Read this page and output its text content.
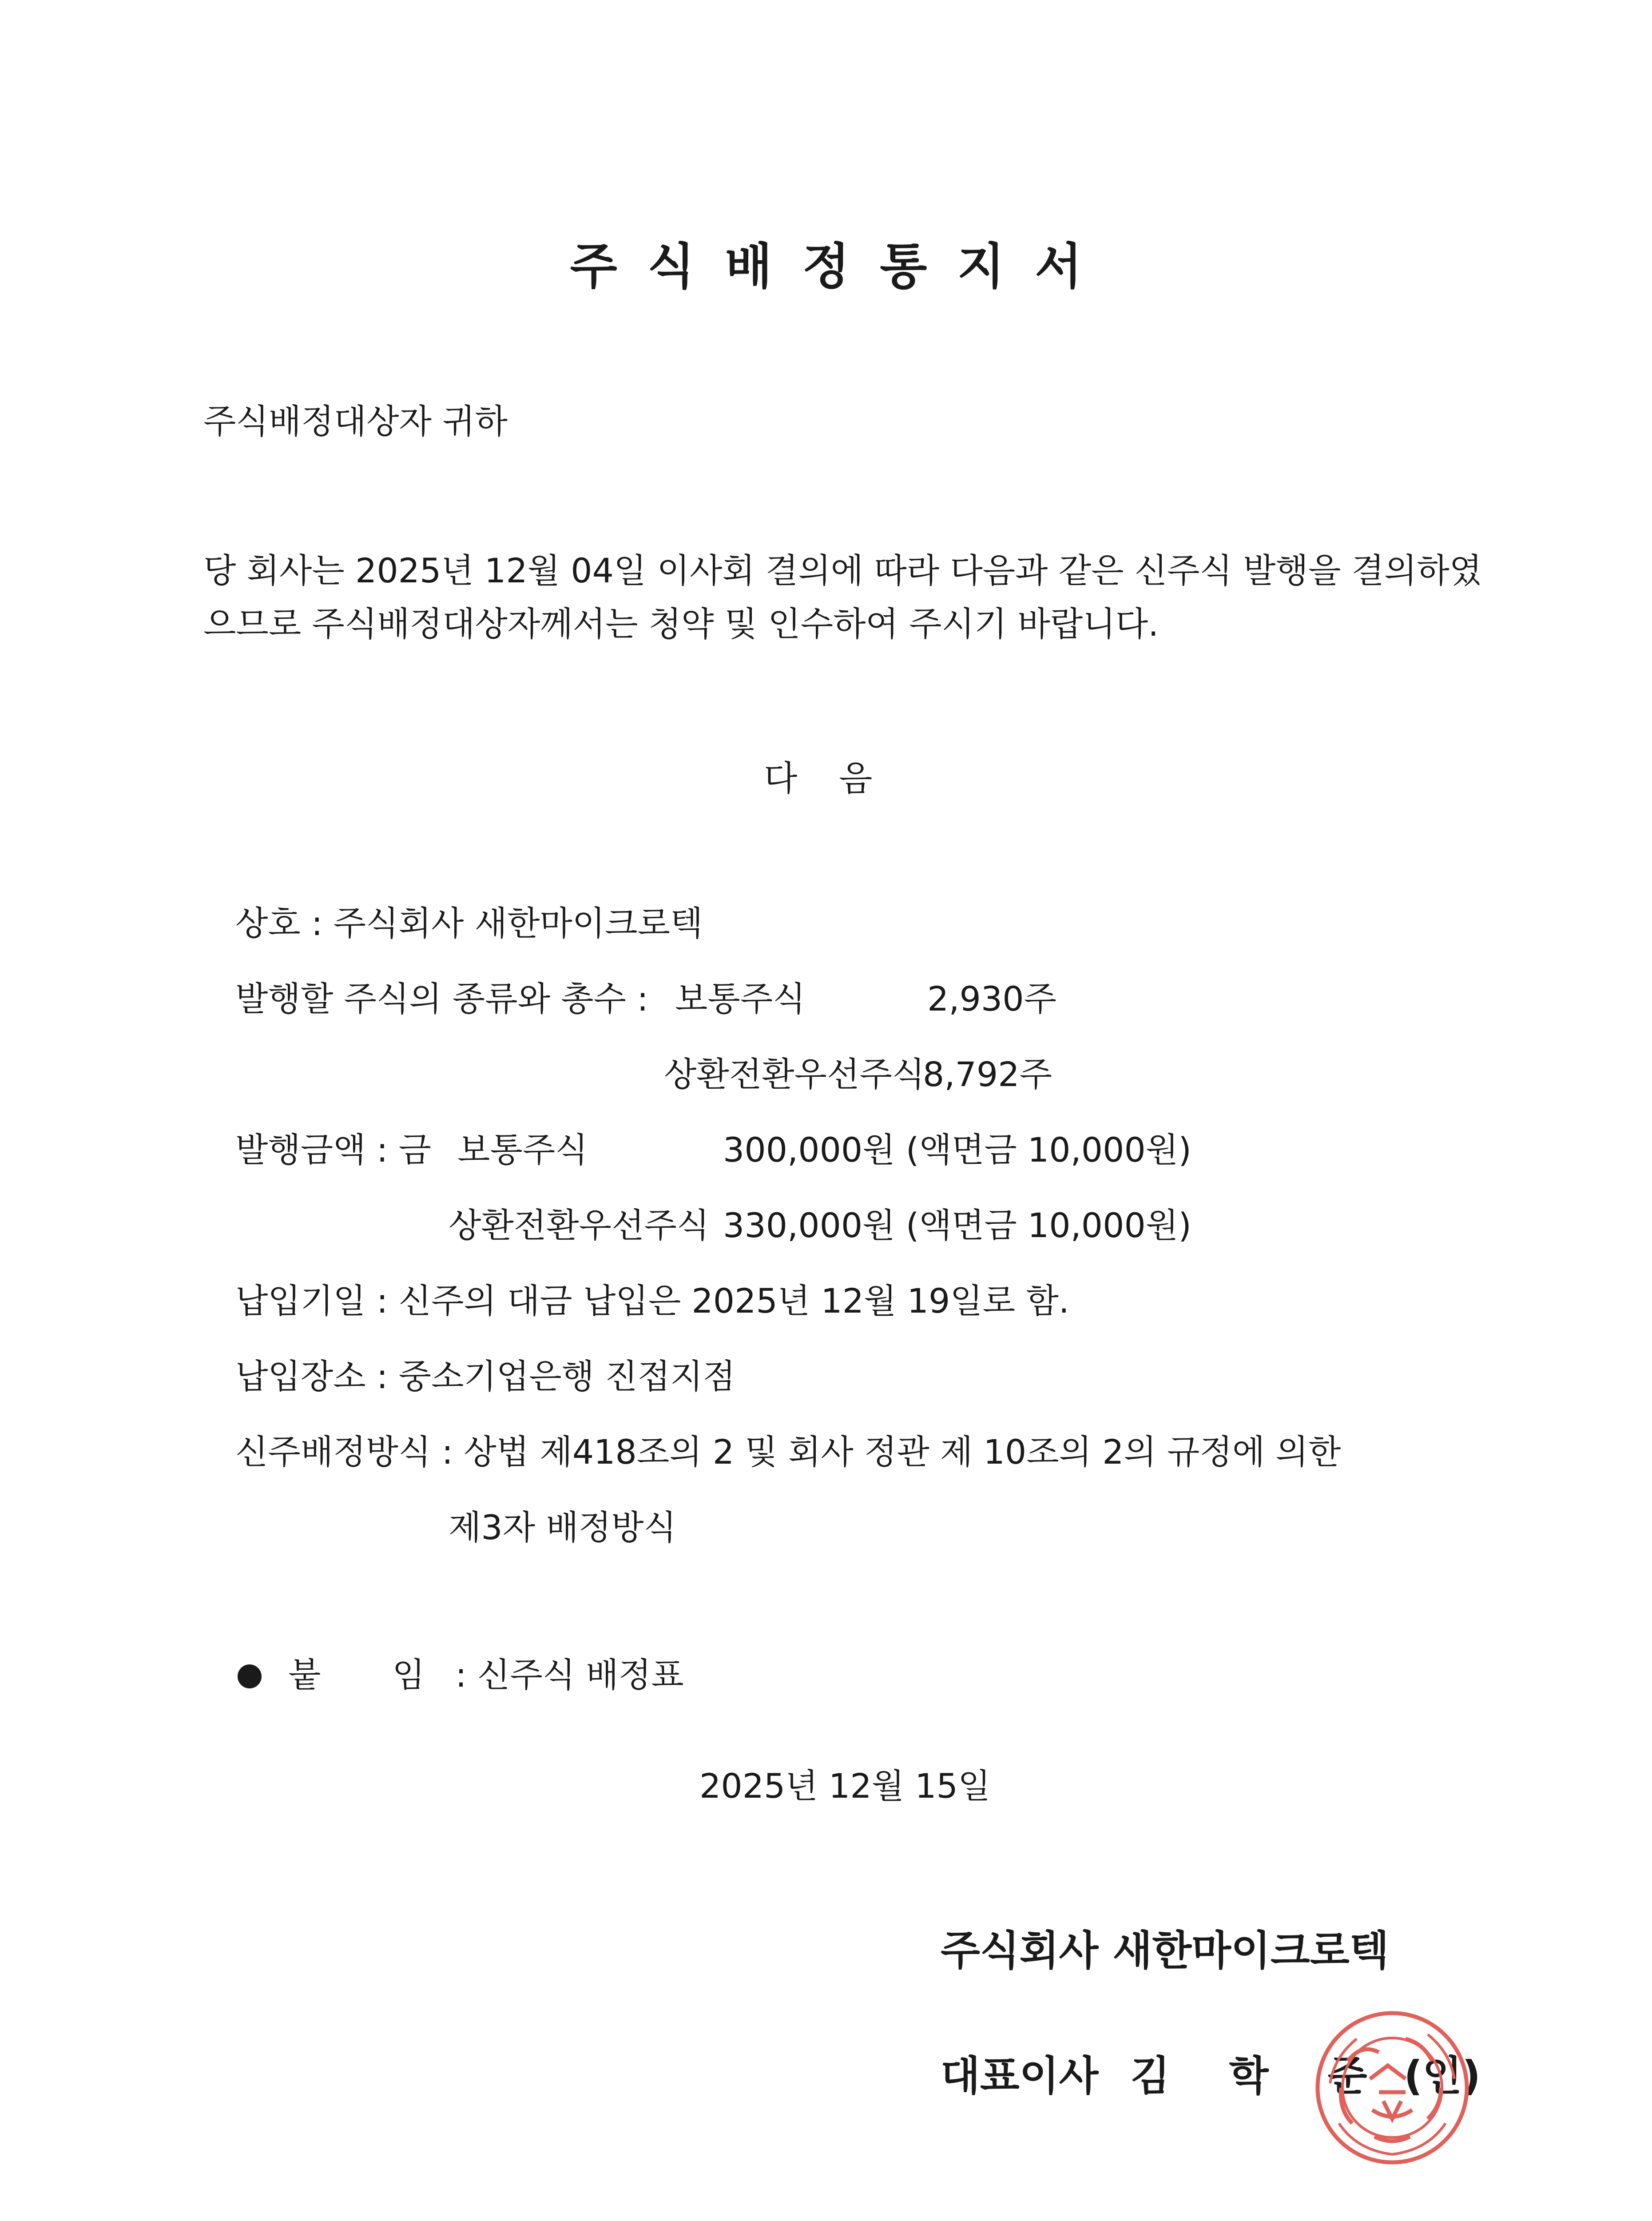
주식배정통지서
주식배정대상자 귀하
당 회사는 2025년 12월 04일 이사회 결의에 따라 다음과 같은 신주식 발행을 결의하였
으므로 주식배정대상자께서는 청약 및 인수하여 주시기 바랍니다.
다음
상호 : 주식회사 새한마이크로텍
발행할 주식의 종류와 총수 : 보통주식	2,930주
상환전환우선주식
8,792주
발행금액 : 금 보통주식	300,000원 (액면금 10,000원)
상환전환우선주식 330,000원 (액면금 10,000원)
납입기일 : 신주의 대금 납입은 2025년 12월 19일로 함.
납입장소 : 중소기업은행 진접지점
신주배정방식 : 상법 제418조의 2 및 회사 정관 제 10조의 2의 규정에 의한
제3자 배정방식
붙 임: 신주식 배정표
2025년 12월 15일
주식회사 새한마이크로텍
대표이사 김 학 준 (인)
